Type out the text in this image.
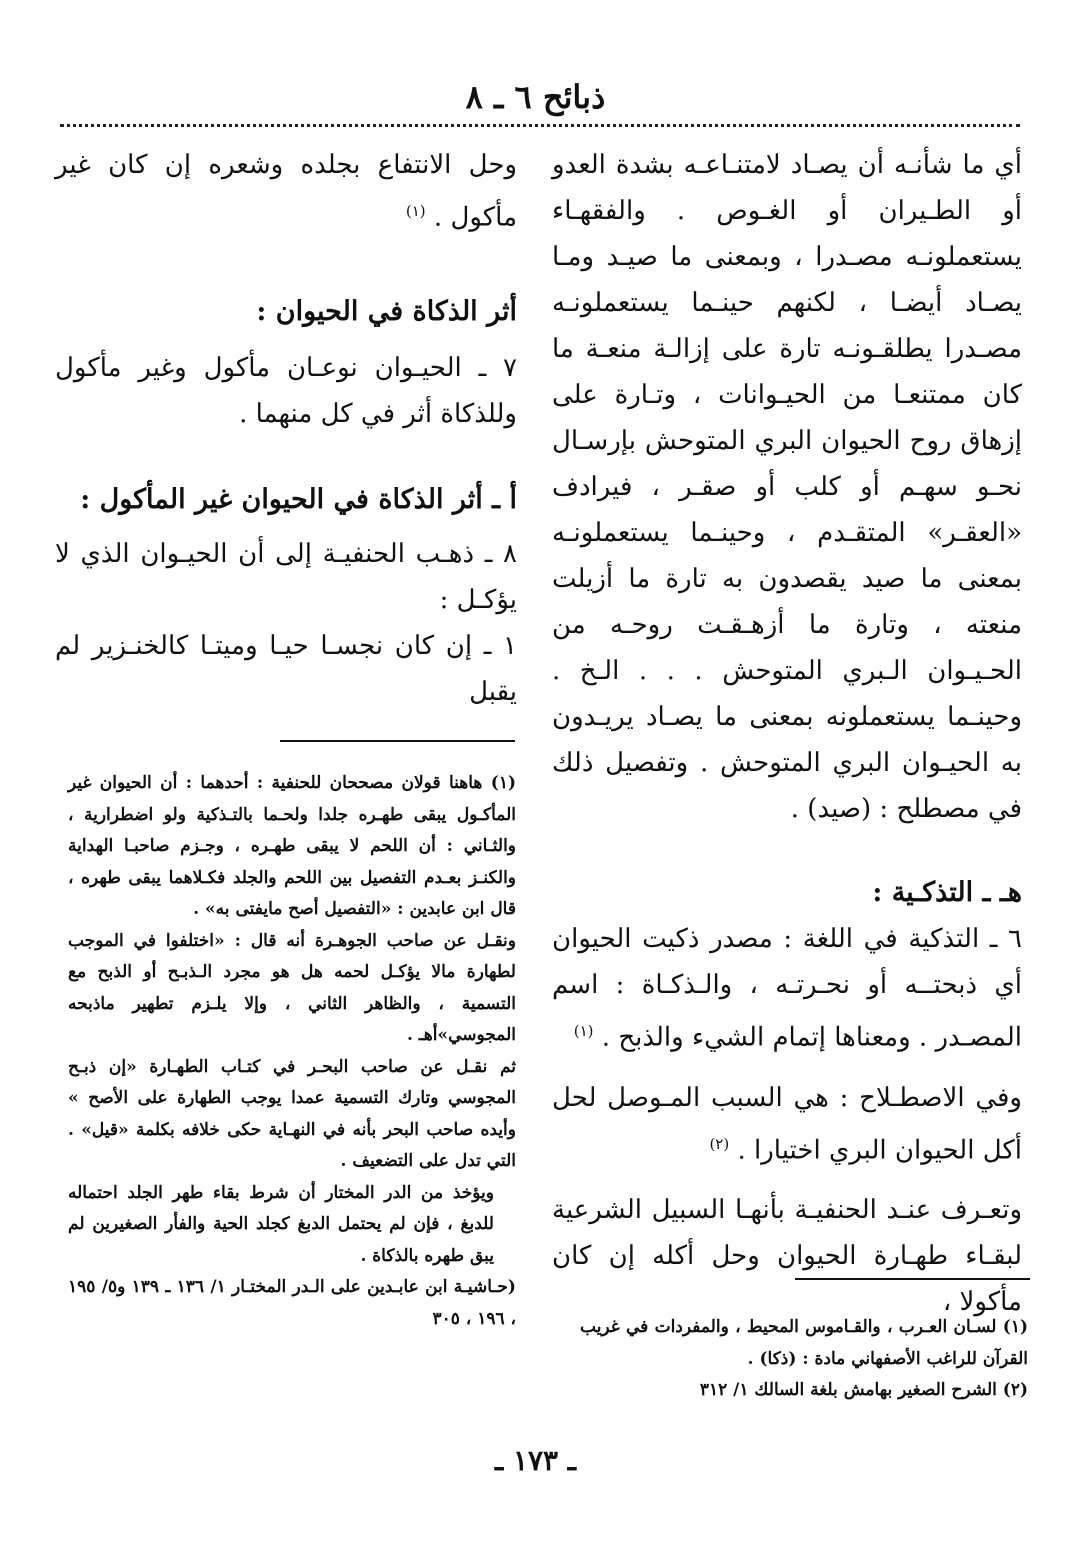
ذبائح ٦ ـ ٨

أي ما شأنـه أن يصـاد لامتنـاعـه بشدة العدو أو الطـيران أو الغـوص . والفقهـاء يستعملونـه مصـدرا ، وبمعنى ما صيـد ومـا يصـاد أيضـا ، لكنهم حينـما يستعملونـه مصـدرا يطلقـونـه تارة على إزالـة منعـة ما كان ممتنعـا من الحيـوانات ، وتـارة على إزهاق روح الحيوان البري المتوحش بإرسـال نحـو سهـم أو كلب أو صقـر ، فيرادف «العقـر» المتقـدم ، وحينـما يستعملونـه بمعنى ما صيد يقصدون به تارة ما أزيلت منعته ، وتارة ما أزهـقـت روحـه من الحـيـوان الـبري المتوحش . . . الـخ . وحينـما يستعملونه بمعنى ما يصـاد يريـدون به الحيـوان البري المتوحش . وتفصيل ذلك في مصطلح : (صيد) .

هـ ـ التذكـية :

٦ ـ التذكية في اللغة : مصدر ذكيت الحيوان أي ذبحتــه أو نحـرتـه ، والـذكـاة : اسم المصـدر . ومعناها إتمام الشيء والذبح . $^{(١)}$

وفي الاصطـلاح : هي السبب المـوصل لحل أكل الحيوان البري اختيارا . $^{(٢)}$

وتعـرف عنـد الحنفيـة بأنهـا السبيل الشرعية لبقـاء طهـارة الحيوان وحل أكله إن كان مأكولا ،

وحل الانتفاع بجلده وشعره إن كان غير مأكول . $^{(١)}$

أثر الذكاة في الحيوان :

٧ ـ الحيـوان نوعـان مأكول وغير مأكول وللذكاة أثر في كل منهما .

أ ـ أثر الذكاة في الحيوان غير المأكول :

٨ ـ ذهـب الحنفيـة إلى أن الحيـوان الذي لا يؤكـل :

١ ـ إن كان نجسـا حيـا وميتـا كالخنـزير لم يقبل

(١) هاهنا قولان مصححان للحنفية : أحدهما : أن الحيوان غير المأكـول يبقى طهـره جلدا ولحـما بالتـذكية ولو اضطرارية ، والثـاني : أن اللحم لا يبقى طهـره ، وجـزم صاحبـا الهداية والكنـز بعـدم التفصيل بين اللحم والجلد فكـلاهما يبقى طهره ، قال ابن عابدين : «التفصيل أصح مايفتى به» .

ونقـل عن صاحب الجوهـرة أنه قال : «اختلفوا في الموجب لطهارة مالا يؤكـل لحمه هل هو مجرد الـذبـح أو الذبح مع التسمية ، والظاهر الثاني ، وإلا يلـزم تطهير ماذبحه المجوسي»أهـ .

ثم نقـل عن صاحب البحـر في كتـاب الطهـارة «إن ذبـح المجوسي وتارك التسمية عمدا يوجب الطهارة على الأصح » وأيده صاحب البحر بأنه في النهـاية حكى خلافه بكلمة «قيل» . التي تدل على التضعيف .

ويؤخذ من الدر المختار أن شرط بقاء طهر الجلد احتماله للدبغ ، فإن لم يحتمل الدبغ كجلد الحية والفأر الصغيرين لم يبق طهره بالذكاة .

(حـاشيـة ابن عابـدين على الـدر المختـار ١/ ١٣٦ ـ ١٣٩ و٥/ ١٩٥ ، ١٩٦ ، ٣٠٥	(١) لسـان العـرب ، والقـاموس المحيط ، والمفردات في غريب القرآن للراغب الأصفهاني مادة : (ذكا) .

(٢) الشرح الصغير بهامش بلغة السالك ١/ ٣١٢

ـ ١٧٣ ـ
